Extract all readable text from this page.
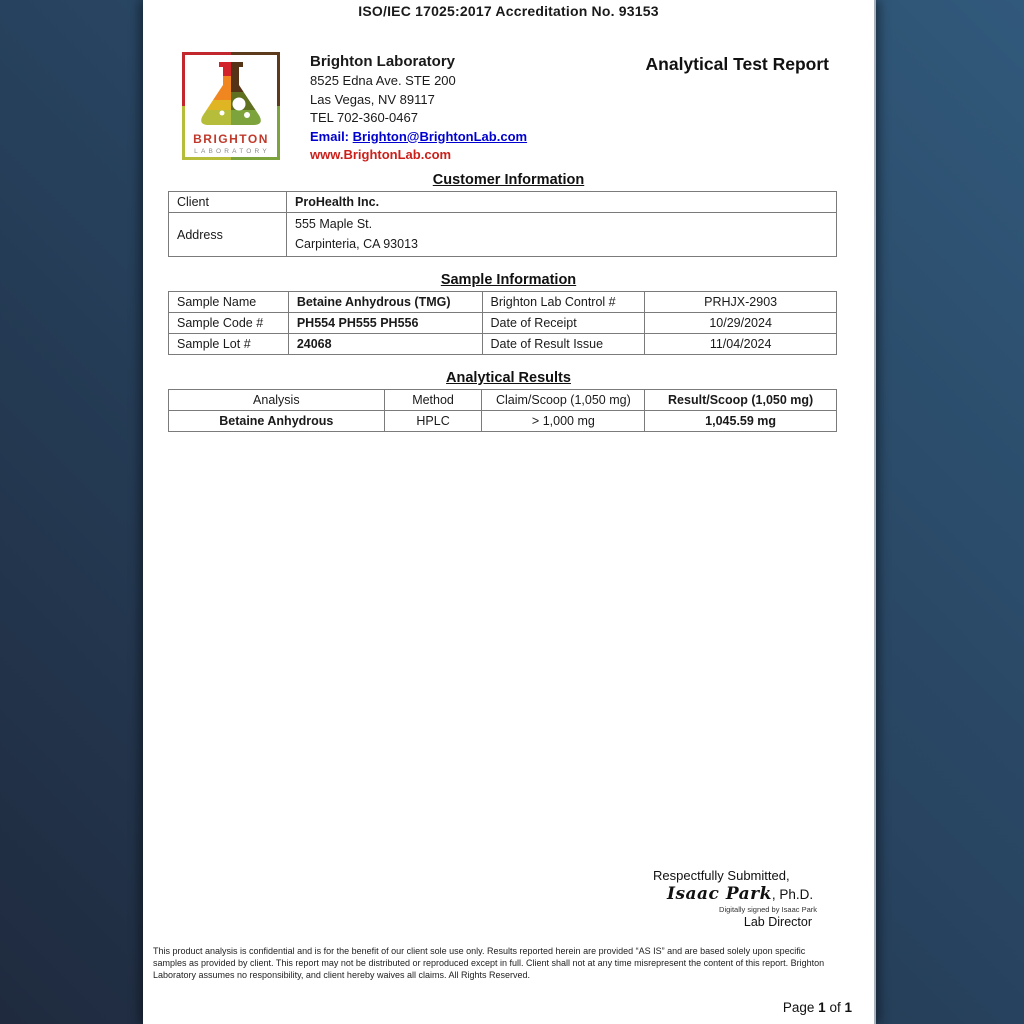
ISO/IEC 17025:2017 Accreditation No. 93153
BRIGHTON
LABORATORY
Brighton Laboratory
8525 Edna Ave. STE 200
Las Vegas, NV 89117
TEL 702-360-0467
Email: Brighton@BrightonLab.com
www.BrightonLab.com
Analytical Test Report
Customer Information
Client	ProHealth Inc.
Address	555 Maple St.
Carpinteria, CA 93013
Sample Information
Sample Name	Betaine Anhydrous (TMG)	Brighton Lab Control #	PRHJX-2903
Sample Code #	PH554 PH555 PH556	Date of Receipt	10/29/2024
Sample Lot #	24068	Date of Result Issue	11/04/2024
Analytical Results
Analysis	Method	Claim/Scoop (1,050 mg)	Result/Scoop (1,050 mg)
Betaine Anhydrous	HPLC	> 1,000 mg	1,045.59 mg
Respectfully Submitted,
Isaac Park, Ph.D.
Digitally signed by Isaac Park
Lab Director

This product analysis is confidential and is for the benefit of our client sole use only. Results reported herein are provided “AS IS” and are based solely upon specific samples as provided by client. This report may not be distributed or reproduced except in full. Client shall not at any time misrepresent the content of this report. Brighton Laboratory assumes no responsibility, and client hereby waives all claims. All Rights Reserved.

Page 1 of 1
